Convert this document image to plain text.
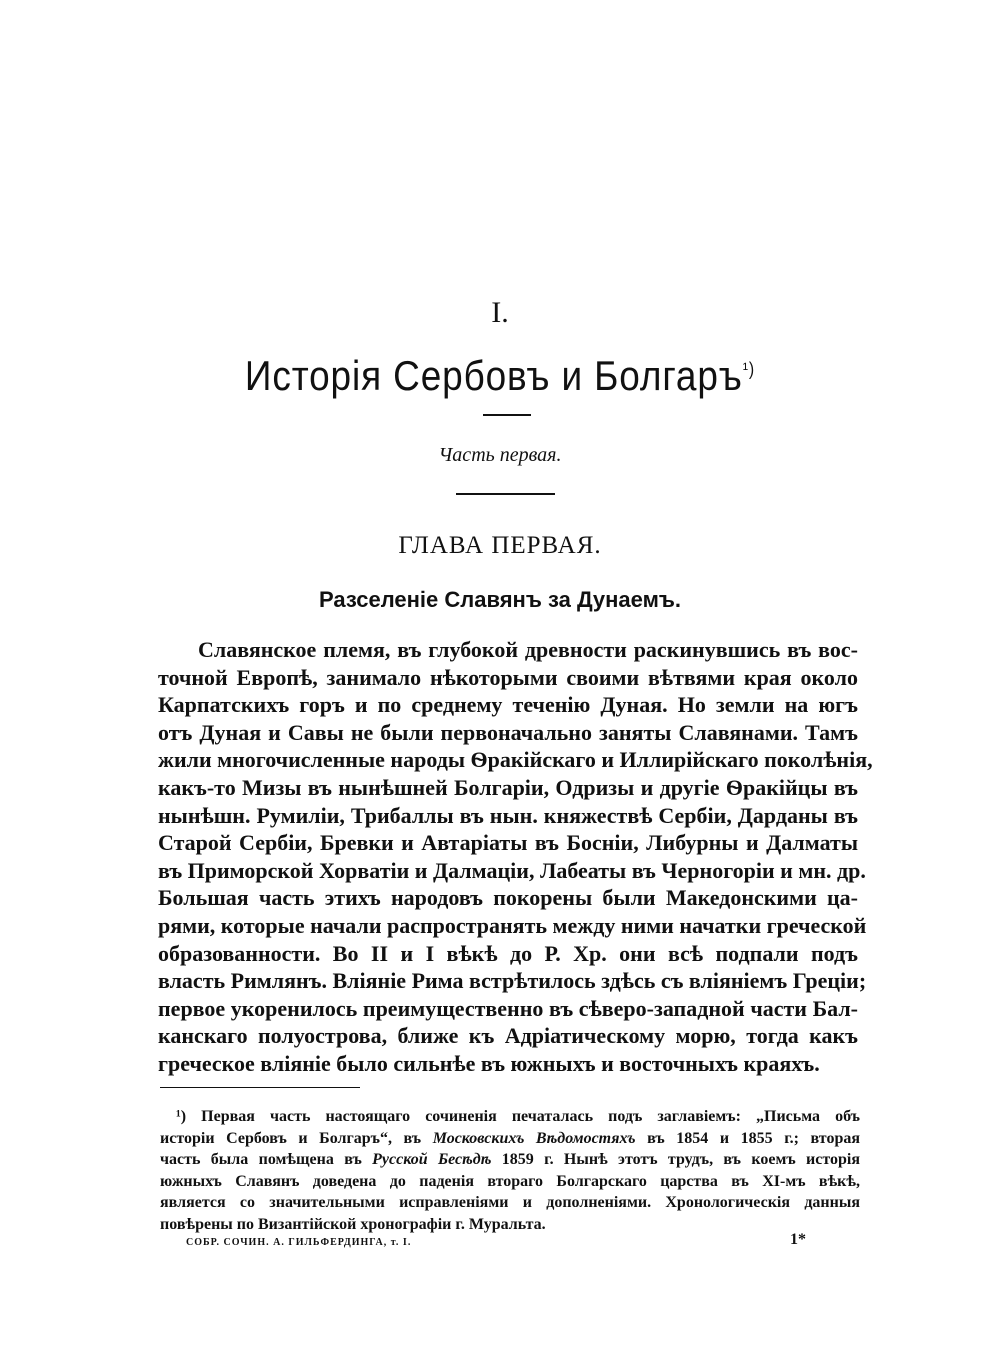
I.
Исторія Сербовъ и Болгаръ$^{^1)}$
Часть первая.
ГЛАВА ПЕРВАЯ.
Разселеніе Славянъ за Дунаемъ.
Славянское племя, въ глубокой древности раскинувшись въ вос-
точной Европѣ, занимало нѣкоторыми своими вѣтвями края около
Карпатскихъ горъ и по среднему теченію Дуная. Но земли на югъ
отъ Дуная и Савы не были первоначально заняты Славянами. Тамъ
жили многочисленные народы Ѳракійскаго и Иллирійскаго поколѣнія,
какъ-то Мизы въ нынѣшней Болгаріи, Одризы и другіе Ѳракійцы въ
нынѣшн. Румиліи, Трибаллы въ нын. княжествѣ Сербіи, Дарданы въ
Старой Сербіи, Бревки и Автаріаты въ Босніи, Либурны и Далматы
въ Приморской Хорватіи и Далмаціи, Лабеаты въ Черногоріи и мн. др.
Большая часть этихъ народовъ покорены были Македонскими ца-
рями, которые начали распространять между ними начатки греческой
образованности. Во II и I вѣкѣ до Р. Хр. они всѣ подпали подъ
власть Римлянъ. Вліяніе Рима встрѣтилось здѣсь съ вліяніемъ Греціи;
первое укоренилось преимущественно въ сѣверо-западной части Бал-
канскаго полуострова, ближе къ Адріатическому морю, тогда какъ
греческое вліяніе было сильнѣе въ южныхъ и восточныхъ краяхъ.
¹) Первая часть настоящаго сочиненія печаталась подъ заглавіемъ: „Письма объ
исторіи Сербовъ и Болгаръ“, въ Московскихъ Вѣдомостяхъ въ 1854 и 1855 г.; вторая
часть была помѣщена въ Русской Бесѣдѣ 1859 г. Нынѣ этотъ трудъ, въ коемъ исторія
южныхъ Славянъ доведена до паденія втораго Болгарскаго царства въ XI-мъ вѣкѣ,
является со значительными исправленіями и дополненіями. Хронологическія данныя
повѣрены по Византійской хронографіи г. Муральта.
СОБР. СОЧИН. А. ГИЛЬФЕРДИНГА, т. I.	1*
